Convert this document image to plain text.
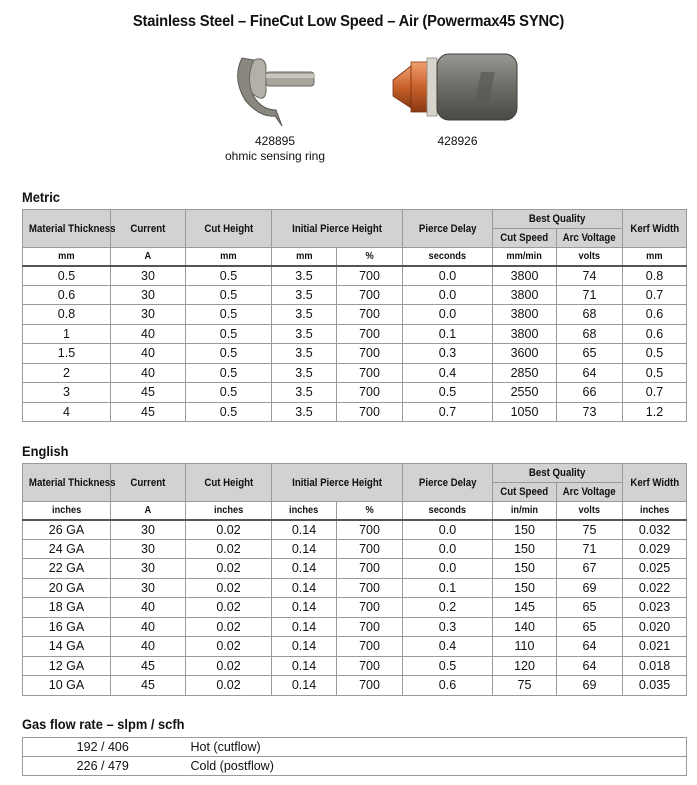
Stainless Steel – FineCut Low Speed – Air (Powermax45 SYNC)
428895
ohmic sensing ring
428926
Metric
Material Thickness	Current	Cut Height	Initial Pierce Height		Pierce Delay	Best Quality		Kerf Width
						Cut Speed	Arc Voltage	
mm	A	mm	mm	%	seconds	mm/min	volts	mm
0.5	30	0.5	3.5	700	0.0	3800	74	0.8
0.6	30	0.5	3.5	700	0.0	3800	71	0.7
0.8	30	0.5	3.5	700	0.0	3800	68	0.6
1	40	0.5	3.5	700	0.1	3800	68	0.6
1.5	40	0.5	3.5	700	0.3	3600	65	0.5
2	40	0.5	3.5	700	0.4	2850	64	0.5
3	45	0.5	3.5	700	0.5	2550	66	0.7
4	45	0.5	3.5	700	0.7	1050	73	1.2
English
Material Thickness	Current	Cut Height	Initial Pierce Height		Pierce Delay	Best Quality		Kerf Width
						Cut Speed	Arc Voltage	
inches	A	inches	inches	%	seconds	in/min	volts	inches
26 GA	30	0.02	0.14	700	0.0	150	75	0.032
24 GA	30	0.02	0.14	700	0.0	150	71	0.029
22 GA	30	0.02	0.14	700	0.0	150	67	0.025
20 GA	30	0.02	0.14	700	0.1	150	69	0.022
18 GA	40	0.02	0.14	700	0.2	145	65	0.023
16 GA	40	0.02	0.14	700	0.3	140	65	0.020
14 GA	40	0.02	0.14	700	0.4	110	64	0.021
12 GA	45	0.02	0.14	700	0.5	120	64	0.018
10 GA	45	0.02	0.14	700	0.6	75	69	0.035
Gas flow rate – slpm / scfh
192 / 406	Hot (cutflow)
226 / 479	Cold (postflow)
